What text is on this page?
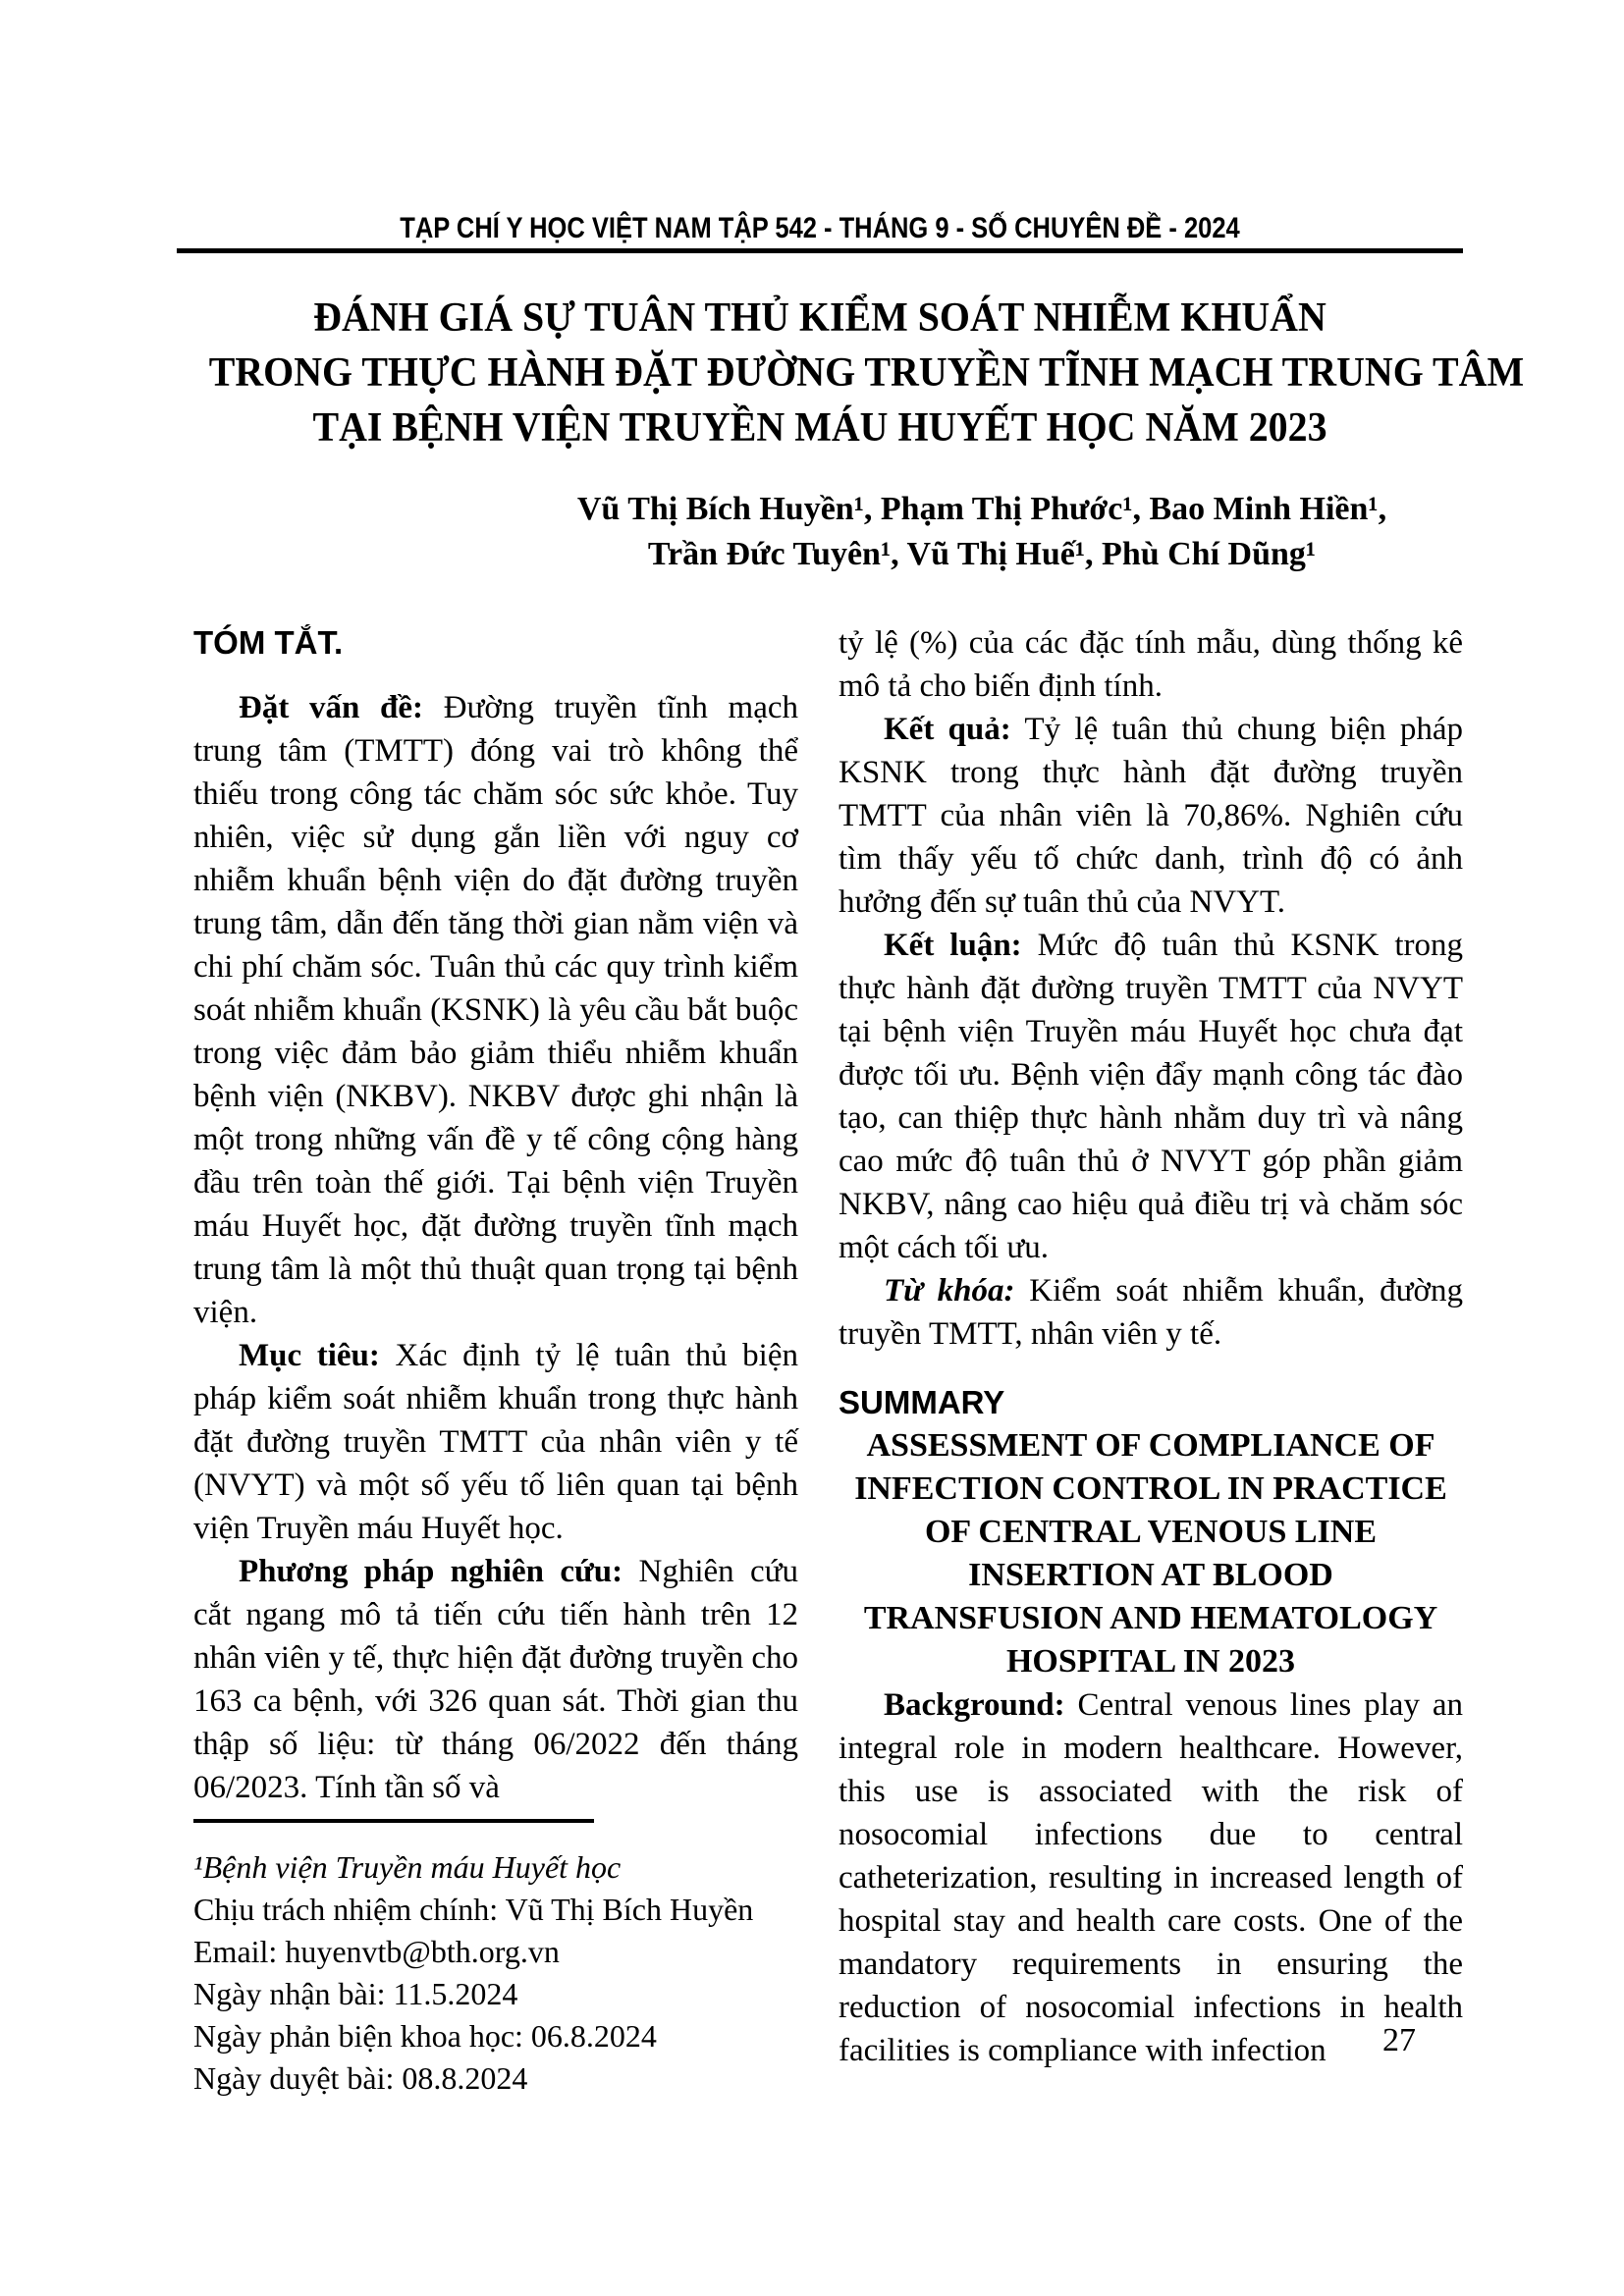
TẠP CHÍ Y HỌC VIỆT NAM TẬP 542 - THÁNG 9 - SỐ CHUYÊN ĐỀ - 2024
ĐÁNH GIÁ SỰ TUÂN THỦ KIỂM SOÁT NHIỄM KHUẨN
TRONG THỰC HÀNH ĐẶT ĐƯỜNG TRUYỀN TĨNH MẠCH TRUNG TÂM
TẠI BỆNH VIỆN TRUYỀN MÁU HUYẾT HỌC NĂM 2023
Vũ Thị Bích Huyền¹, Phạm Thị Phước¹, Bao Minh Hiền¹,
Trần Đức Tuyên¹, Vũ Thị Huế¹, Phù Chí Dũng¹
TÓM TẮT.

Đặt vấn đề: Đường truyền tĩnh mạch trung tâm (TMTT) đóng vai trò không thể thiếu trong công tác chăm sóc sức khỏe. Tuy nhiên, việc sử dụng gắn liền với nguy cơ nhiễm khuẩn bệnh viện do đặt đường truyền trung tâm, dẫn đến tăng thời gian nằm viện và chi phí chăm sóc. Tuân thủ các quy trình kiểm soát nhiễm khuẩn (KSNK) là yêu cầu bắt buộc trong việc đảm bảo giảm thiểu nhiễm khuẩn bệnh viện (NKBV). NKBV được ghi nhận là một trong những vấn đề y tế công cộng hàng đầu trên toàn thế giới. Tại bệnh viện Truyền máu Huyết học, đặt đường truyền tĩnh mạch trung tâm là một thủ thuật quan trọng tại bệnh viện.

Mục tiêu: Xác định tỷ lệ tuân thủ biện pháp kiểm soát nhiễm khuẩn trong thực hành đặt đường truyền TMTT của nhân viên y tế (NVYT) và một số yếu tố liên quan tại bệnh viện Truyền máu Huyết học.

Phương pháp nghiên cứu: Nghiên cứu cắt ngang mô tả tiến cứu tiến hành trên 12 nhân viên y tế, thực hiện đặt đường truyền cho 163 ca bệnh, với 326 quan sát. Thời gian thu thập số liệu: từ tháng 06/2022 đến tháng 06/2023. Tính tần số và

¹Bệnh viện Truyền máu Huyết học
Chịu trách nhiệm chính: Vũ Thị Bích Huyền
Email: huyenvtb@bth.org.vn
Ngày nhận bài: 11.5.2024
Ngày phản biện khoa học: 06.8.2024
Ngày duyệt bài: 08.8.2024

tỷ lệ (%) của các đặc tính mẫu, dùng thống kê mô tả cho biến định tính.

Kết quả: Tỷ lệ tuân thủ chung biện pháp KSNK trong thực hành đặt đường truyền TMTT của nhân viên là 70,86%. Nghiên cứu tìm thấy yếu tố chức danh, trình độ có ảnh hưởng đến sự tuân thủ của NVYT.

Kết luận: Mức độ tuân thủ KSNK trong thực hành đặt đường truyền TMTT của NVYT tại bệnh viện Truyền máu Huyết học chưa đạt được tối ưu. Bệnh viện đẩy mạnh công tác đào tạo, can thiệp thực hành nhằm duy trì và nâng cao mức độ tuân thủ ở NVYT góp phần giảm NKBV, nâng cao hiệu quả điều trị và chăm sóc một cách tối ưu.

Từ khóa: Kiểm soát nhiễm khuẩn, đường truyền TMTT, nhân viên y tế.

SUMMARY
ASSESSMENT OF COMPLIANCE OF
INFECTION CONTROL IN PRACTICE
OF CENTRAL VENOUS LINE
INSERTION AT BLOOD
TRANSFUSION AND HEMATOLOGY
HOSPITAL IN 2023

Background: Central venous lines play an integral role in modern healthcare. However, this use is associated with the risk of nosocomial infections due to central catheterization, resulting in increased length of hospital stay and health care costs. One of the mandatory requirements in ensuring the reduction of nosocomial infections in health facilities is compliance with infection	27
